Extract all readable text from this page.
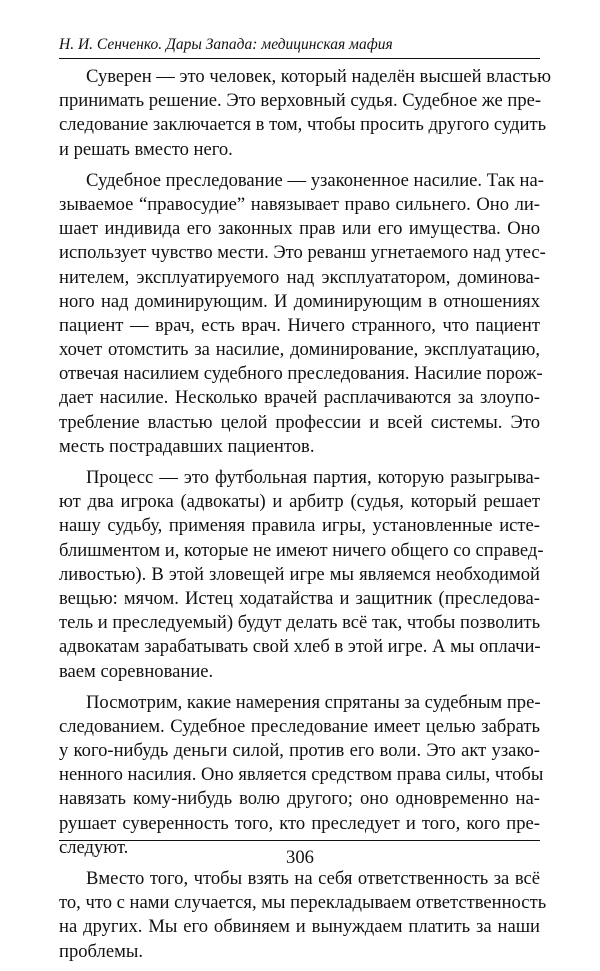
Н. И. Сенченко. Дары Запада: медицинская мафия
Суверен — это человек, который наделён высшей властью
принимать решение. Это верховный судья. Судебное же пре-
следование заключается в том, чтобы просить другого судить
и решать вместо него.
Судебное преследование — узаконенное насилие. Так на-
зываемое “правосудие” навязывает право сильнего. Оно ли-
шает индивида его законных прав или его имущества. Оно
использует чувство мести. Это реванш угнетаемого над утес-
нителем, эксплуатируемого над эксплуататором, доминова-
ного над доминирующим. И доминирующим в отношениях
пациент — врач, есть врач. Ничего странного, что пациент
хочет отомстить за насилие, доминирование, эксплуатацию,
отвечая насилием судебного преследования. Насилие порож-
дает насилие. Несколько врачей расплачиваются за злоупо-
требление властью целой профессии и всей системы. Это
месть пострадавших пациентов.
Процесс — это футбольная партия, которую разыгрыва-
ют два игрока (адвокаты) и арбитр (судья, который решает
нашу судьбу, применяя правила игры, установленные исте-
блишментом и, которые не имеют ничего общего со справед-
ливостью). В этой зловещей игре мы являемся необходимой
вещью: мячом. Истец ходатайства и защитник (преследова-
тель и преследуемый) будут делать всё так, чтобы позволить
адвокатам зарабатывать свой хлеб в этой игре. А мы оплачи-
ваем соревнование.
Посмотрим, какие намерения спрятаны за судебным пре-
следованием. Судебное преследование имеет целью забрать
у кого-нибудь деньги силой, против его воли. Это акт узако-
ненного насилия. Оно является средством права силы, чтобы
навязать кому-нибудь волю другого; оно одновременно на-
рушает суверенность того, кто преследует и того, кого пре-
следуют.
Вместо того, чтобы взять на себя ответственность за всё
то, что с нами случается, мы перекладываем ответственность
на других. Мы его обвиняем и вынуждаем платить за наши
проблемы.
306
